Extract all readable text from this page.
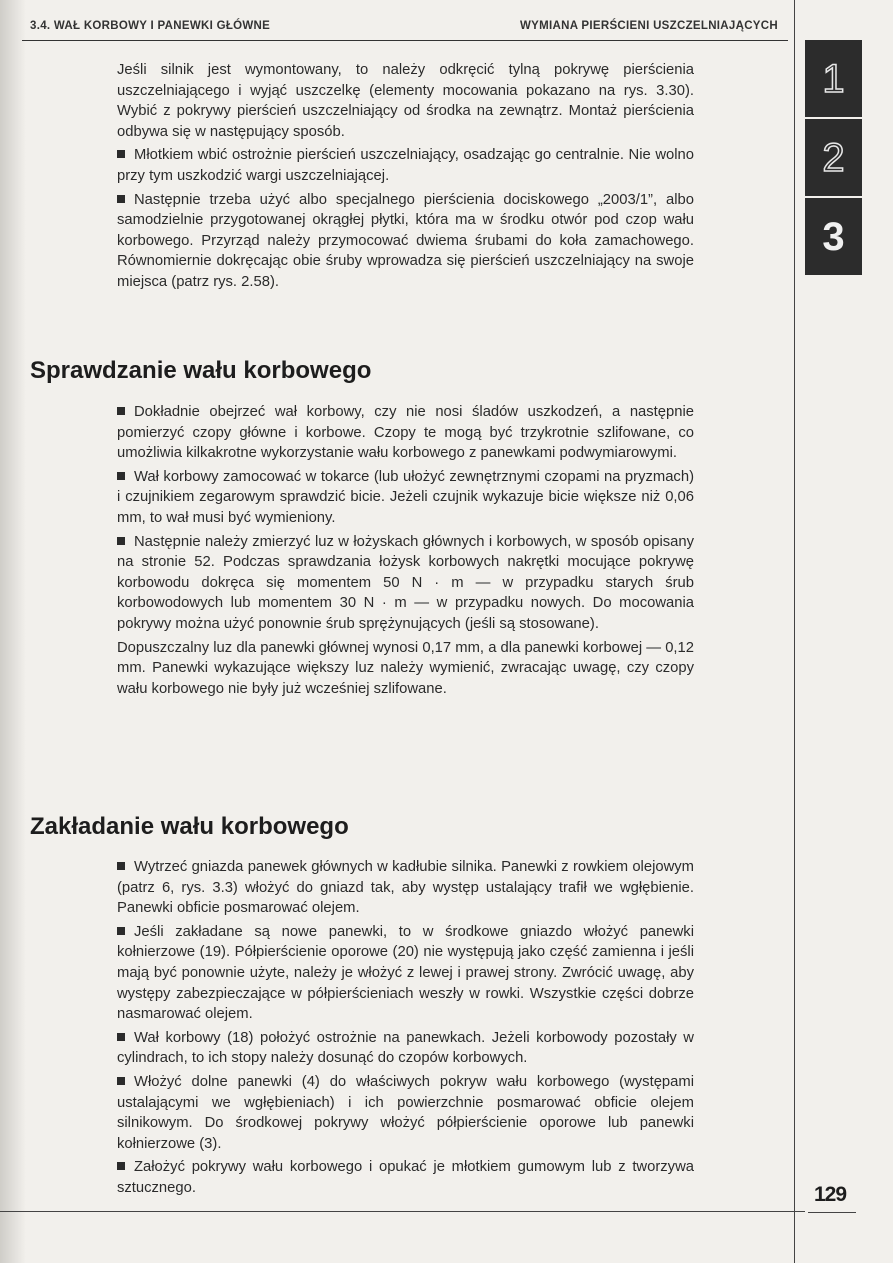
3.4. WAŁ KORBOWY I PANEWKI GŁÓWNE	WYMIANA PIERŚCIENI USZCZELNIAJĄCYCH
1
2
3

Jeśli silnik jest wymontowany, to należy odkręcić tylną pokrywę pierścienia uszczelniającego i wyjąć uszczelkę (elementy mocowania pokazano na rys. 3.30). Wybić z pokrywy pierścień uszczelniający od środka na zewnątrz. Montaż pierścienia odbywa się w następujący sposób.

Młotkiem wbić ostrożnie pierścień uszczelniający, osadzając go centralnie. Nie wolno przy tym uszkodzić wargi uszczelniającej.

Następnie trzeba użyć albo specjalnego pierścienia dociskowego „2003/1”, albo samodzielnie przygotowanej okrągłej płytki, która ma w środku otwór pod czop wału korbowego. Przyrząd należy przymocować dwiema śrubami do koła zamachowego. Równomiernie dokręcając obie śruby wprowadza się pierścień uszczelniający na swoje miejsca (patrz rys. 2.58).

Sprawdzanie wału korbowego

Dokładnie obejrzeć wał korbowy, czy nie nosi śladów uszkodzeń, a następnie pomierzyć czopy główne i korbowe. Czopy te mogą być trzykrotnie szlifowane, co umożliwia kilkakrotne wykorzystanie wału korbowego z panewkami podwymiarowymi.

Wał korbowy zamocować w tokarce (lub ułożyć zewnętrznymi czopami na pryzmach) i czujnikiem zegarowym sprawdzić bicie. Jeżeli czujnik wykazuje bicie większe niż 0,06 mm, to wał musi być wymieniony.

Następnie należy zmierzyć luz w łożyskach głównych i korbowych, w sposób opisany na stronie 52. Podczas sprawdzania łożysk korbowych nakrętki mocujące pokrywę korbowodu dokręca się momentem 50 N · m — w przypadku starych śrub korbowodowych lub momentem 30 N · m — w przypadku nowych. Do mocowania pokrywy można użyć ponownie śrub sprężynujących (jeśli są stosowane).

Dopuszczalny luz dla panewki głównej wynosi 0,17 mm, a dla panewki korbowej — 0,12 mm. Panewki wykazujące większy luz należy wymienić, zwracając uwagę, czy czopy wału korbowego nie były już wcześniej szlifowane.

Zakładanie wału korbowego

Wytrzeć gniazda panewek głównych w kadłubie silnika. Panewki z rowkiem olejowym (patrz 6, rys. 3.3) włożyć do gniazd tak, aby występ ustalający trafił we wgłębienie. Panewki obficie posmarować olejem.

Jeśli zakładane są nowe panewki, to w środkowe gniazdo włożyć panewki kołnierzowe (19). Półpierścienie oporowe (20) nie występują jako część zamienna i jeśli mają być ponownie użyte, należy je włożyć z lewej i prawej strony. Zwrócić uwagę, aby występy zabezpieczające w półpierścieniach weszły w rowki. Wszystkie części dobrze nasmarować olejem.

Wał korbowy (18) położyć ostrożnie na panewkach. Jeżeli korbowody pozostały w cylindrach, to ich stopy należy dosunąć do czopów korbowych.

Włożyć dolne panewki (4) do właściwych pokryw wału korbowego (występami ustalającymi we wgłębieniach) i ich powierzchnie posmarować obficie olejem silnikowym. Do środkowej pokrywy włożyć półpierścienie oporowe lub panewki kołnierzowe (3).

Założyć pokrywy wału korbowego i opukać je młotkiem gumowym lub z tworzywa sztucznego.	129
